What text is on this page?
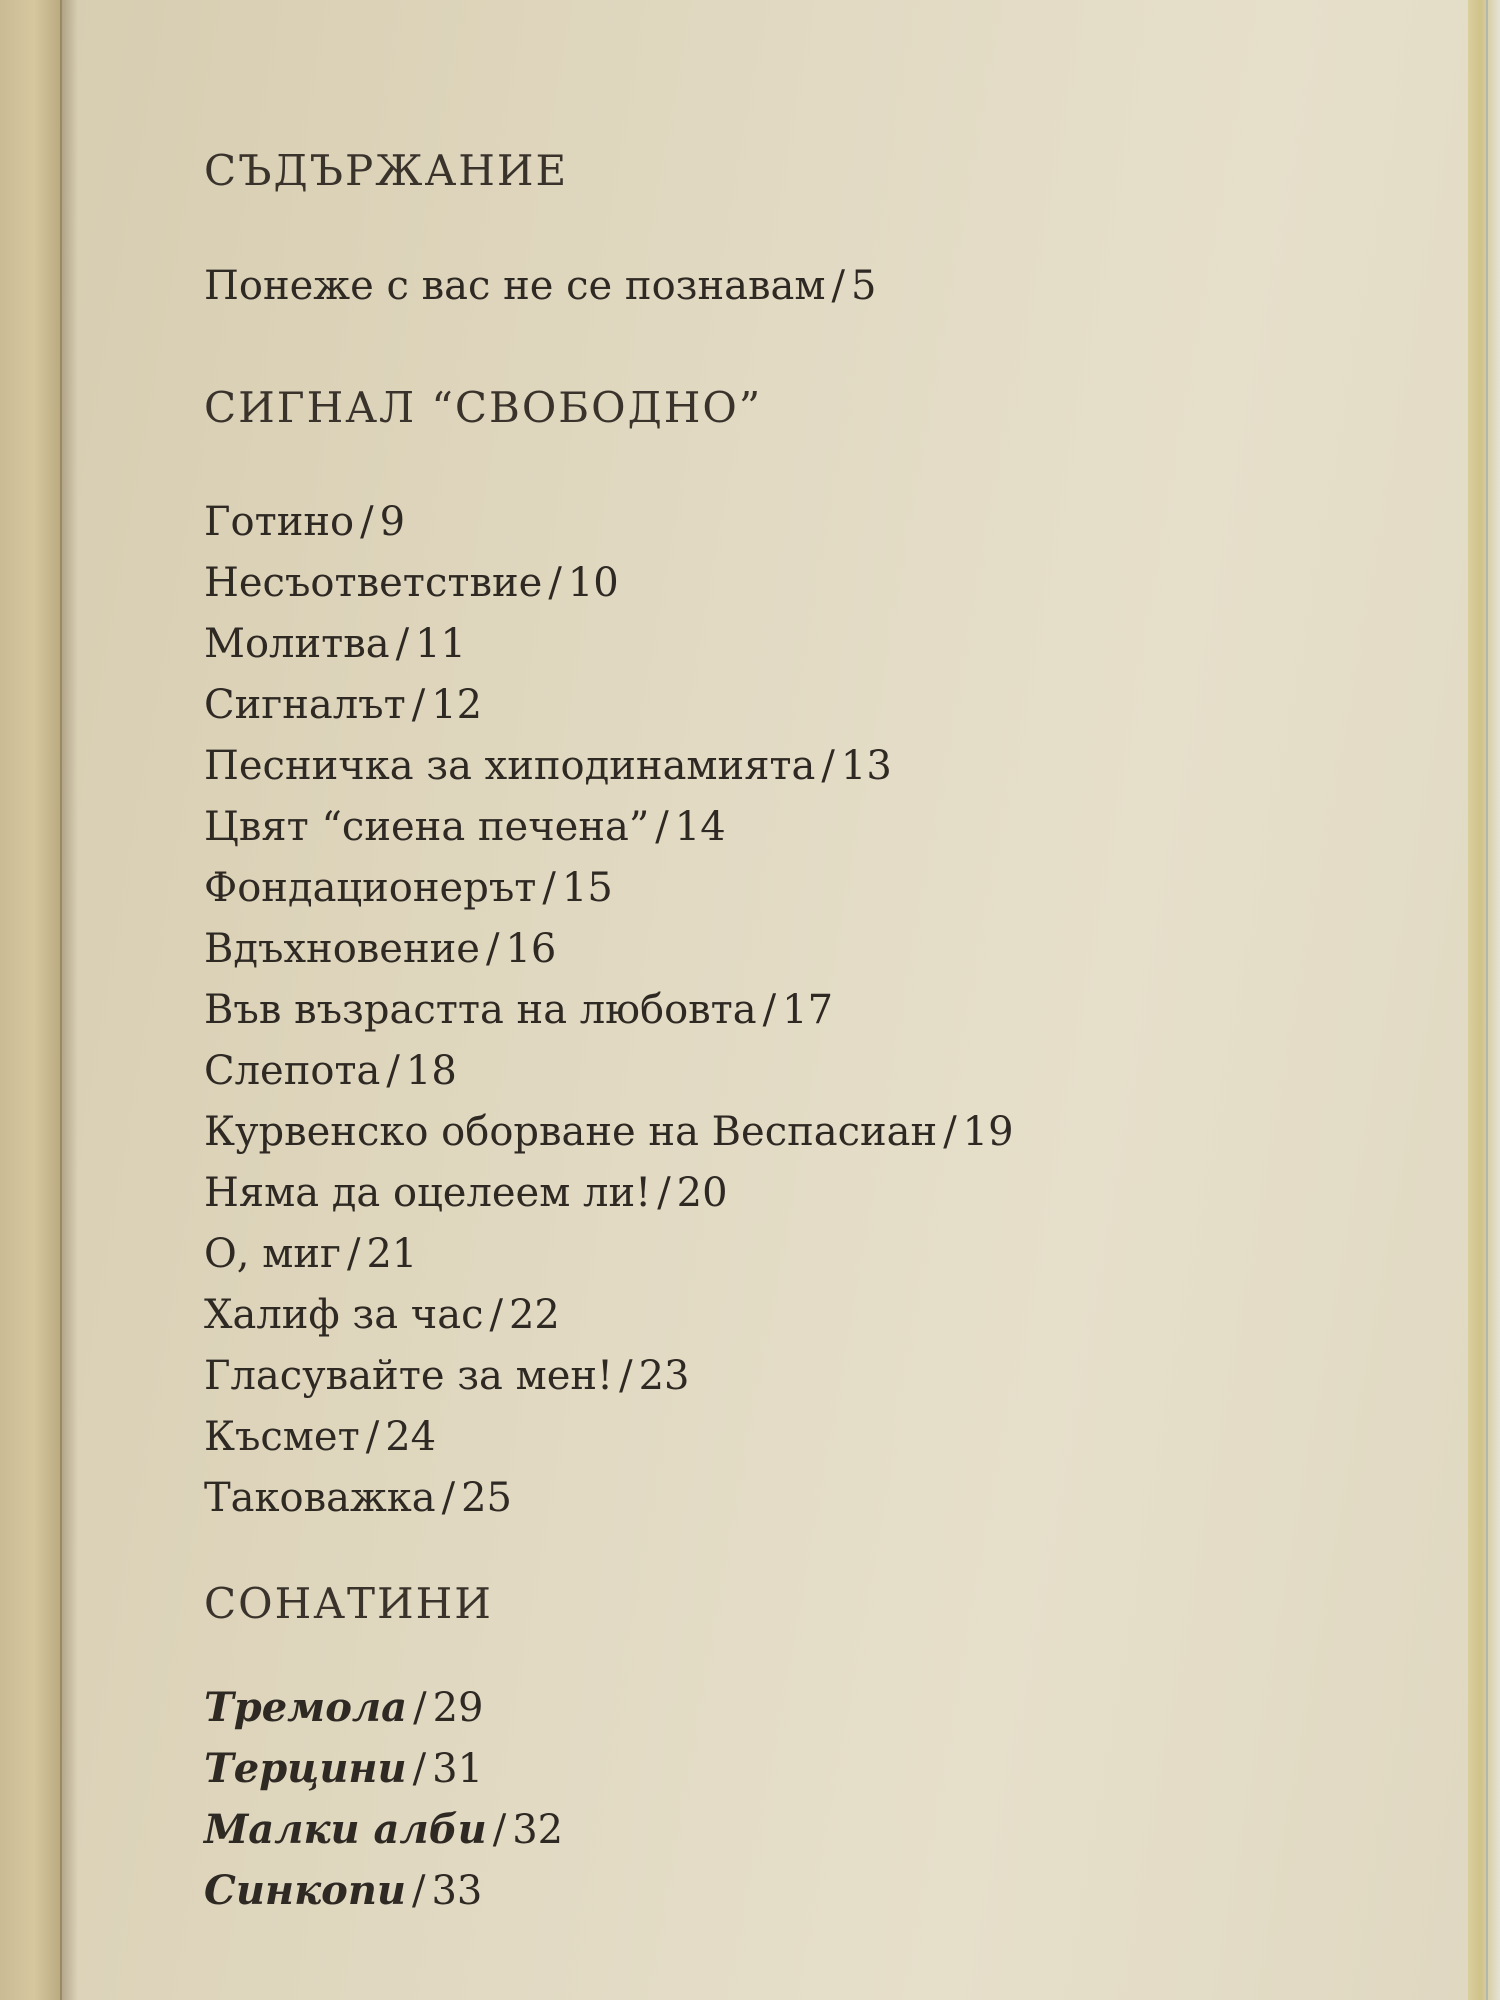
СЪДЪРЖАНИЕ
Понеже с вас не се познавам / 5
СИГНАЛ “СВОБОДНО”
Готино / 9
Несъответствие / 10
Молитва / 11
Сигналът / 12
Песничка за хиподинамията / 13
Цвят “сиена печена” / 14
Фондационерът / 15
Вдъхновение / 16
Във възрастта на любовта / 17
Слепота / 18
Курвенско оборване на Веспасиан / 19
Няма да оцелеем ли! / 20
О, миг / 21
Халиф за час / 22
Гласувайте за мен! / 23
Късмет / 24
Таковажка / 25
СОНАТИНИ
Тремола / 29
Терцини / 31
Малки алби / 32
Синкопи / 33
